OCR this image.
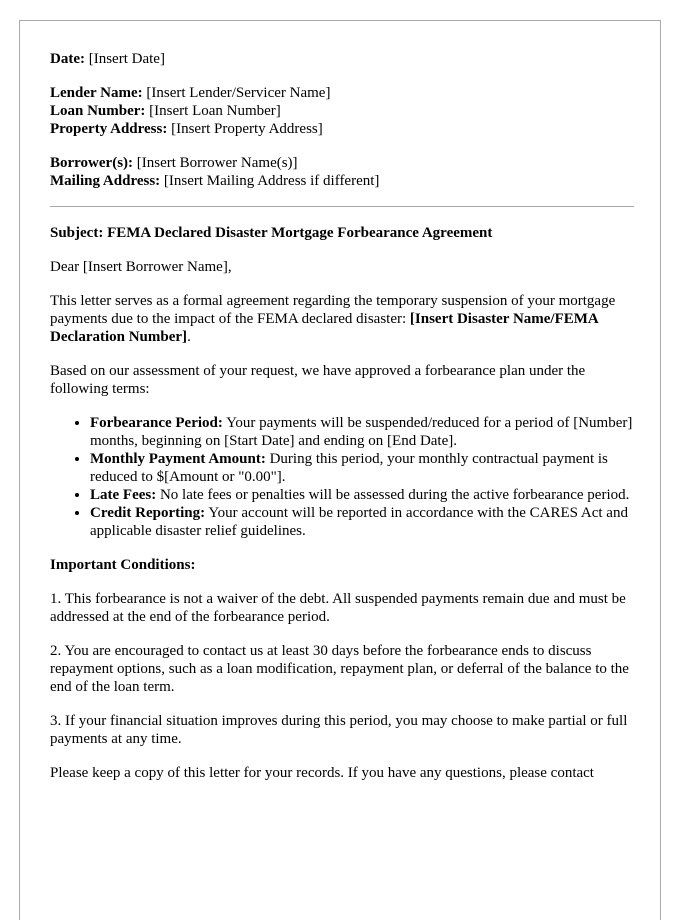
Date: [Insert Date]

Lender Name: [Insert Lender/Servicer Name]

Loan Number: [Insert Loan Number]

Property Address: [Insert Property Address]

Borrower(s): [Insert Borrower Name(s)]

Mailing Address: [Insert Mailing Address if different]

Subject: FEMA Declared Disaster Mortgage Forbearance Agreement

Dear [Insert Borrower Name],

This letter serves as a formal agreement regarding the temporary suspension of your mortgage payments due to the impact of the FEMA declared disaster: [Insert Disaster Name/FEMA Declaration Number].

Based on our assessment of your request, we have approved a forbearance plan under the following terms:

• Forbearance Period: Your payments will be suspended/reduced for a period of [Number] months, beginning on [Start Date] and ending on [End Date].
• Monthly Payment Amount: During this period, your monthly contractual payment is reduced to $[Amount or "0.00"].
• Late Fees: No late fees or penalties will be assessed during the active forbearance period.
• Credit Reporting: Your account will be reported in accordance with the CARES Act and applicable disaster relief guidelines.

Important Conditions:

1. This forbearance is not a waiver of the debt. All suspended payments remain due and must be addressed at the end of the forbearance period.

2. You are encouraged to contact us at least 30 days before the forbearance ends to discuss repayment options, such as a loan modification, repayment plan, or deferral of the balance to the end of the loan term.

3. If your financial situation improves during this period, you may choose to make partial or full payments at any time.

Please keep a copy of this letter for your records. If you have any questions, please contact
